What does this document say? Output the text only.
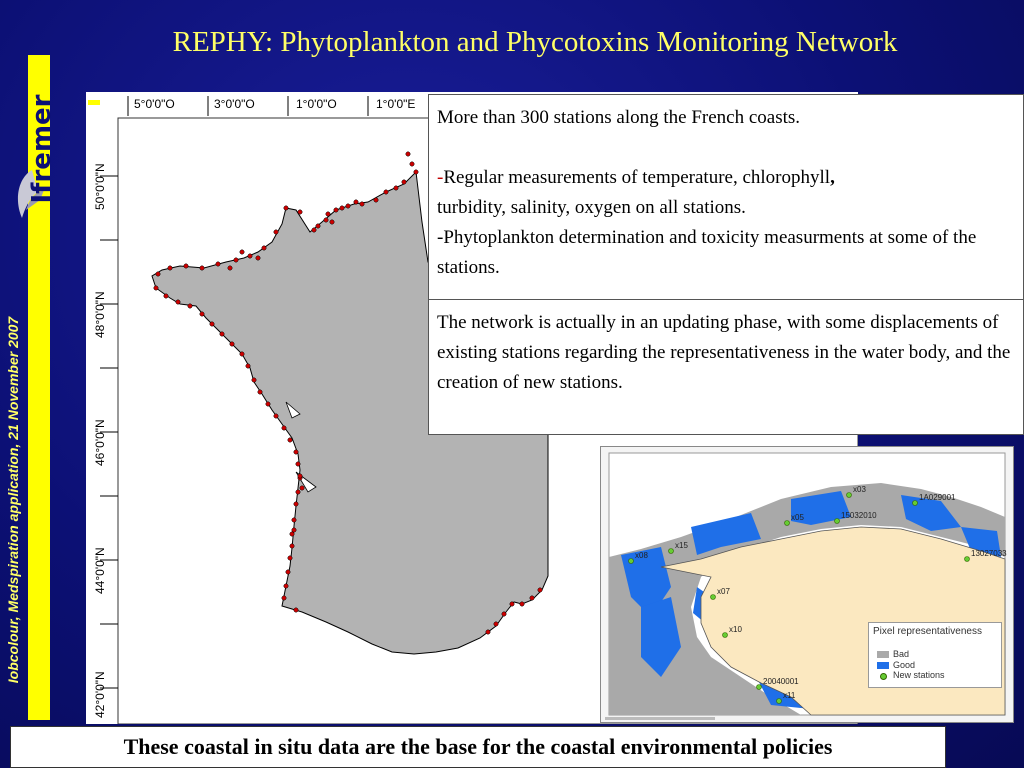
REPHY: Phytoplankton and Phycotoxins Monitoring Network
Ifremer
Iobcolour, Medspiration application, 21 November 2007
5°0'0"O	3°0'0"O	1°0'0"O	1°0'0"E
50°0'0"N
48°0'0"N
46°0'0"N
44°0'0"N
42°0'0"N

More than 300 stations along the French coasts.

-Regular measurements of temperature, chlorophyll,
turbidity, salinity, oxygen on all stations.

-Phytoplankton determination and toxicity measurments at some of the stations.

The network is actually in an updating phase, with some displacements of existing stations regarding the representativeness in the water body, and the creation of new stations.

x03
1A029001
15032010
x05
x15
x08	13027033
x07
x10
20040001
x11
Pixel representativeness
Bad
Good
New stations
These coastal in situ data are the base for the coastal environmental policies
